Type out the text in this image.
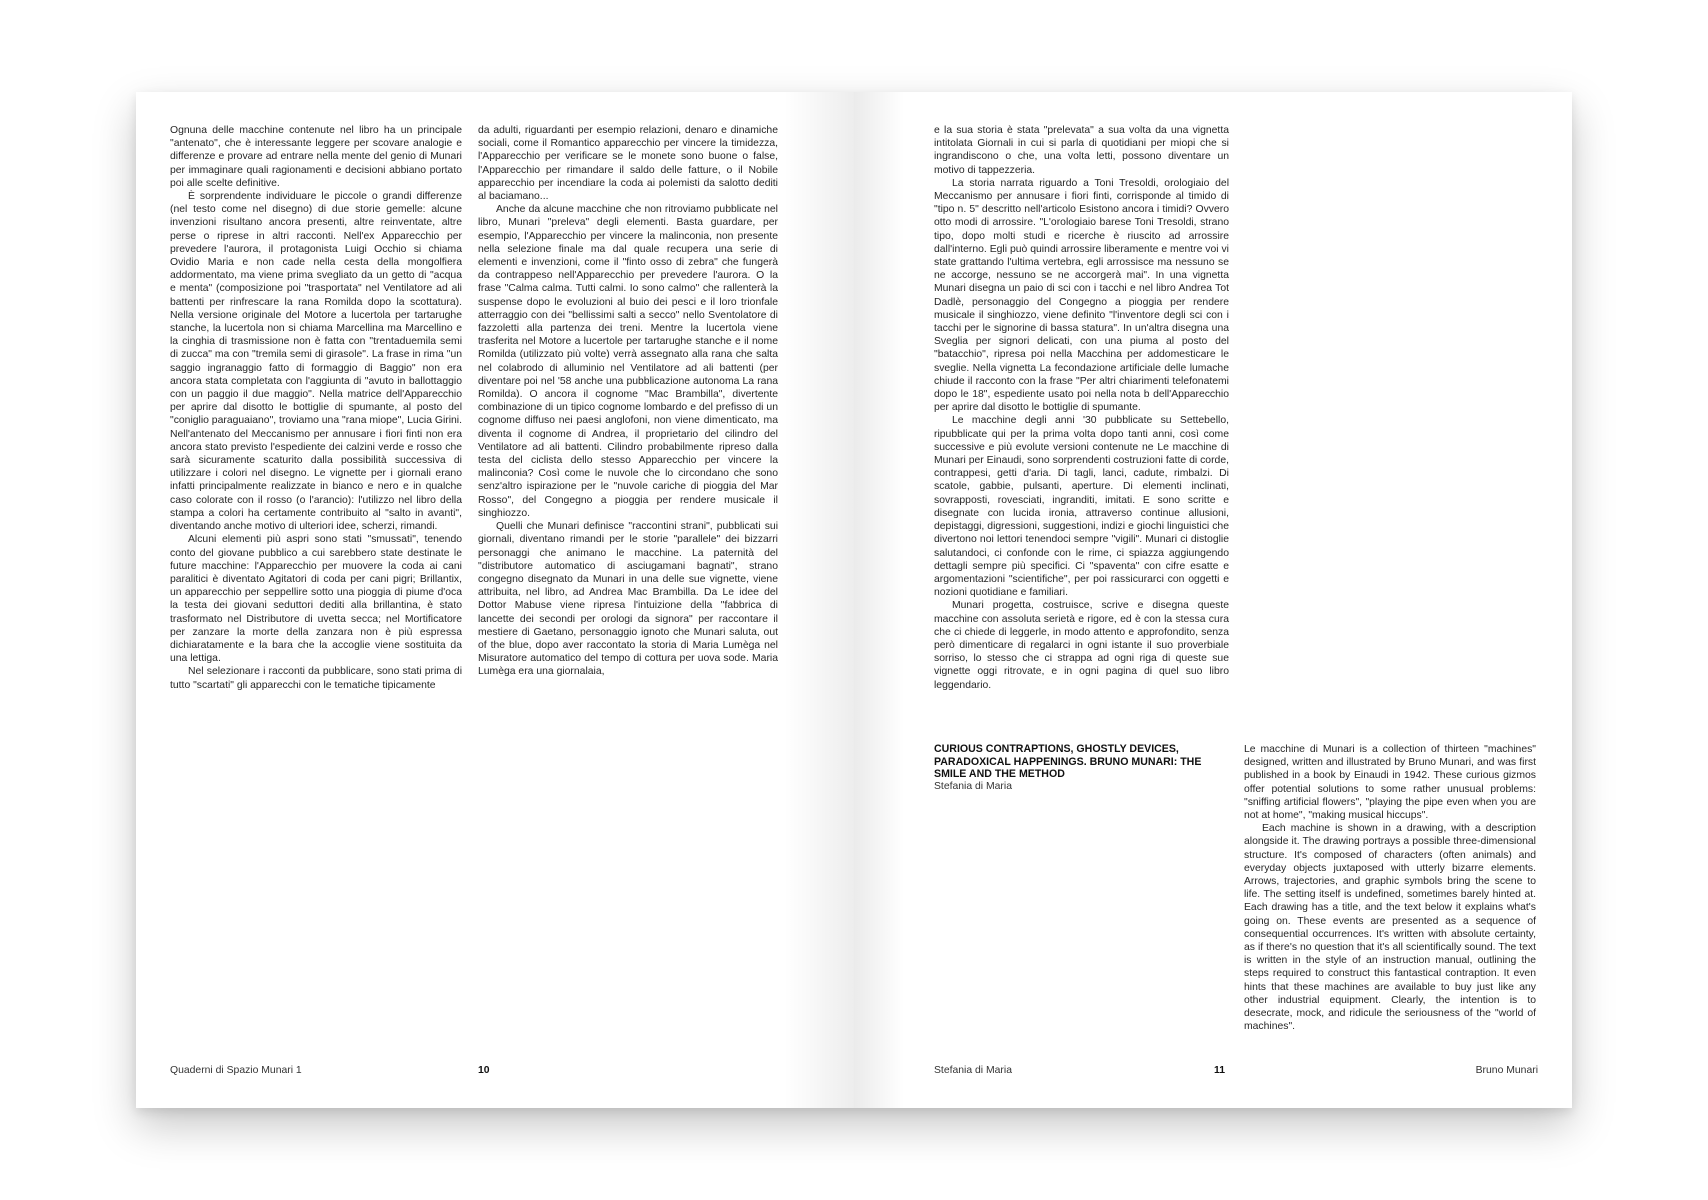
Ognuna delle macchine contenute nel libro ha un principale "antenato", che è interessante leggere per scovare analogie e differenze e provare ad entrare nella mente del genio di Munari per immaginare quali ragionamenti e decisioni abbiano portato poi alle scelte definitive.

È sorprendente individuare le piccole o grandi differenze (nel testo come nel disegno) di due storie gemelle: alcune invenzioni risultano ancora presenti, altre reinventate, altre perse o riprese in altri racconti. Nell'ex Apparecchio per prevedere l'aurora, il protagonista Luigi Occhio si chiama Ovidio Maria e non cade nella cesta della mongolfiera addormentato, ma viene prima svegliato da un getto di "acqua e menta" (composizione poi "trasportata" nel Ventilatore ad ali battenti per rinfrescare la rana Romilda dopo la scottatura). Nella versione originale del Motore a lucertola per tartarughe stanche, la lucertola non si chiama Marcellina ma Marcellino e la cinghia di trasmissione non è fatta con "trentaduemila semi di zucca" ma con "tremila semi di girasole". La frase in rima "un saggio ingranaggio fatto di formaggio di Baggio" non era ancora stata completata con l'aggiunta di "avuto in ballottaggio con un paggio il due maggio". Nella matrice dell'Apparecchio per aprire dal disotto le bottiglie di spumante, al posto del "coniglio paraguaiano", troviamo una "rana miope", Lucia Girini. Nell'antenato del Meccanismo per annusare i fiori finti non era ancora stato previsto l'espediente dei calzini verde e rosso che sarà sicuramente scaturito dalla possibilità successiva di utilizzare i colori nel disegno. Le vignette per i giornali erano infatti principalmente realizzate in bianco e nero e in qualche caso colorate con il rosso (o l'arancio): l'utilizzo nel libro della stampa a colori ha certamente contribuito al "salto in avanti", diventando anche motivo di ulteriori idee, scherzi, rimandi.

Alcuni elementi più aspri sono stati "smussati", tenendo conto del giovane pubblico a cui sarebbero state destinate le future macchine: l'Apparecchio per muovere la coda ai cani paralitici è diventato Agitatori di coda per cani pigri; Brillantix, un apparecchio per seppellire sotto una pioggia di piume d'oca la testa dei giovani seduttori dediti alla brillantina, è stato trasformato nel Distributore di uvetta secca; nel Mortificatore per zanzare la morte della zanzara non è più espressa dichiaratamente e la bara che la accoglie viene sostituita da una lettiga.

Nel selezionare i racconti da pubblicare, sono stati prima di tutto "scartati" gli apparecchi con le tematiche tipicamente

da adulti, riguardanti per esempio relazioni, denaro e dinamiche sociali, come il Romantico apparecchio per vincere la timidezza, l'Apparecchio per verificare se le monete sono buone o false, l'Apparecchio per rimandare il saldo delle fatture, o il Nobile apparecchio per incendiare la coda ai polemisti da salotto dediti al baciamano...

Anche da alcune macchine che non ritroviamo pubblicate nel libro, Munari "preleva" degli elementi. Basta guardare, per esempio, l'Apparecchio per vincere la malinconia, non presente nella selezione finale ma dal quale recupera una serie di elementi e invenzioni, come il "finto osso di zebra" che fungerà da contrappeso nell'Apparecchio per prevedere l'aurora. O la frase "Calma calma. Tutti calmi. Io sono calmo" che rallenterà la suspense dopo le evoluzioni al buio dei pesci e il loro trionfale atterraggio con dei "bellissimi salti a secco" nello Sventolatore di fazzoletti alla partenza dei treni. Mentre la lucertola viene trasferita nel Motore a lucertole per tartarughe stanche e il nome Romilda (utilizzato più volte) verrà assegnato alla rana che salta nel colabrodo di alluminio nel Ventilatore ad ali battenti (per diventare poi nel '58 anche una pubblicazione autonoma La rana Romilda). O ancora il cognome "Mac Brambilla", divertente combinazione di un tipico cognome lombardo e del prefisso di un cognome diffuso nei paesi anglofoni, non viene dimenticato, ma diventa il cognome di Andrea, il proprietario del cilindro del Ventilatore ad ali battenti. Cilindro probabilmente ripreso dalla testa del ciclista dello stesso Apparecchio per vincere la malinconia? Così come le nuvole che lo circondano che sono senz'altro ispirazione per le "nuvole cariche di pioggia del Mar Rosso", del Congegno a pioggia per rendere musicale il singhiozzo.

Quelli che Munari definisce "raccontini strani", pubblicati sui giornali, diventano rimandi per le storie "parallele" dei bizzarri personaggi che animano le macchine. La paternità del "distributore automatico di asciugamani bagnati", strano congegno disegnato da Munari in una delle sue vignette, viene attribuita, nel libro, ad Andrea Mac Brambilla. Da Le idee del Dottor Mabuse viene ripresa l'intuizione della "fabbrica di lancette dei secondi per orologi da signora" per raccontare il mestiere di Gaetano, personaggio ignoto che Munari saluta, out of the blue, dopo aver raccontato la storia di Maria Lumèga nel Misuratore automatico del tempo di cottura per uova sode. Maria Lumèga era una giornalaia,

Quaderni di Spazio Munari 1	10

e la sua storia è stata "prelevata" a sua volta da una vignetta intitolata Giornali in cui si parla di quotidiani per miopi che si ingrandiscono o che, una volta letti, possono diventare un motivo di tappezzeria.

La storia narrata riguardo a Toni Tresoldi, orologiaio del Meccanismo per annusare i fiori finti, corrisponde al timido di "tipo n. 5" descritto nell'articolo Esistono ancora i timidi? Ovvero otto modi di arrossire. "L'orologiaio barese Toni Tresoldi, strano tipo, dopo molti studi e ricerche è riuscito ad arrossire dall'interno. Egli può quindi arrossire liberamente e mentre voi vi state grattando l'ultima vertebra, egli arrossisce ma nessuno se ne accorge, nessuno se ne accorgerà mai". In una vignetta Munari disegna un paio di sci con i tacchi e nel libro Andrea Tot Dadlè, personaggio del Congegno a pioggia per rendere musicale il singhiozzo, viene definito "l'inventore degli sci con i tacchi per le signorine di bassa statura". In un'altra disegna una Sveglia per signori delicati, con una piuma al posto del "batacchio", ripresa poi nella Macchina per addomesticare le sveglie. Nella vignetta La fecondazione artificiale delle lumache chiude il racconto con la frase "Per altri chiarimenti telefonatemi dopo le 18", espediente usato poi nella nota b dell'Apparecchio per aprire dal disotto le bottiglie di spumante.

Le macchine degli anni '30 pubblicate su Settebello, ripubblicate qui per la prima volta dopo tanti anni, così come successive e più evolute versioni contenute ne Le macchine di Munari per Einaudi, sono sorprendenti costruzioni fatte di corde, contrappesi, getti d'aria. Di tagli, lanci, cadute, rimbalzi. Di scatole, gabbie, pulsanti, aperture. Di elementi inclinati, sovrapposti, rovesciati, ingranditi, imitati. E sono scritte e disegnate con lucida ironia, attraverso continue allusioni, depistaggi, digressioni, suggestioni, indizi e giochi linguistici che divertono noi lettori tenendoci sempre "vigili". Munari ci distoglie salutandoci, ci confonde con le rime, ci spiazza aggiungendo dettagli sempre più specifici. Ci "spaventa" con cifre esatte e argomentazioni "scientifiche", per poi rassicurarci con oggetti e nozioni quotidiane e familiari.

Munari progetta, costruisce, scrive e disegna queste macchine con assoluta serietà e rigore, ed è con la stessa cura che ci chiede di leggerle, in modo attento e approfondito, senza però dimenticare di regalarci in ogni istante il suo proverbiale sorriso, lo stesso che ci strappa ad ogni riga di queste sue vignette oggi ritrovate, e in ogni pagina di quel suo libro leggendario.

CURIOUS CONTRAPTIONS, GHOSTLY DEVICES, PARADOXICAL HAPPENINGS. BRUNO MUNARI: THE SMILE AND THE METHOD

Stefania di Maria

Le macchine di Munari is a collection of thirteen "machines" designed, written and illustrated by Bruno Munari, and was first published in a book by Einaudi in 1942. These curious gizmos offer potential solutions to some rather unusual problems: "sniffing artificial flowers", "playing the pipe even when you are not at home", "making musical hiccups".

Each machine is shown in a drawing, with a description alongside it. The drawing portrays a possible three-dimensional structure. It's composed of characters (often animals) and everyday objects juxtaposed with utterly bizarre elements. Arrows, trajectories, and graphic symbols bring the scene to life. The setting itself is undefined, sometimes barely hinted at. Each drawing has a title, and the text below it explains what's going on. These events are presented as a sequence of consequential occurrences. It's written with absolute certainty, as if there's no question that it's all scientifically sound. The text is written in the style of an instruction manual, outlining the steps required to construct this fantastical contraption. It even hints that these machines are available to buy just like any other industrial equipment. Clearly, the intention is to desecrate, mock, and ridicule the seriousness of the "world of machines".

Stefania di Maria	11	Bruno Munari
